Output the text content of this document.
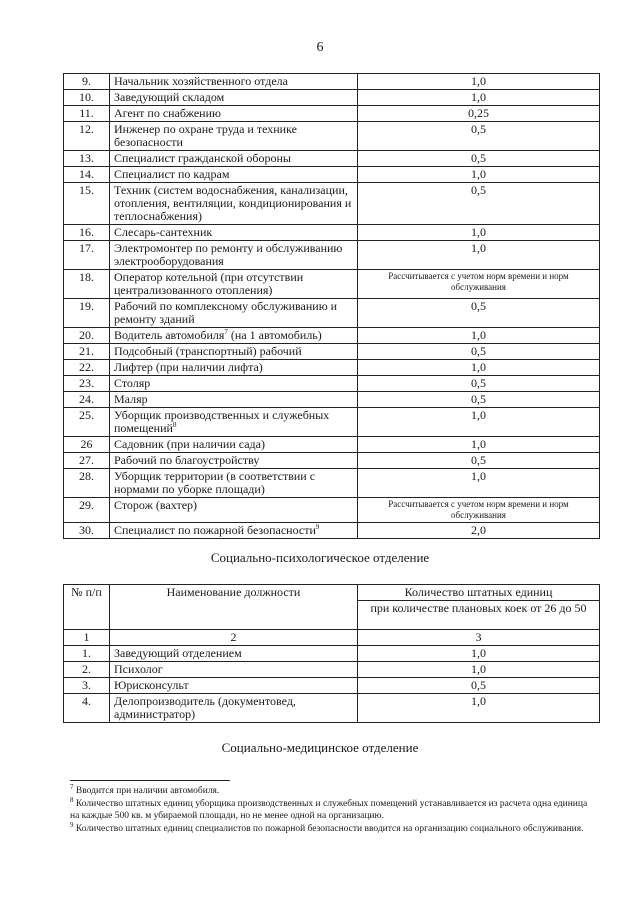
6
9.	Начальник хозяйственного отдела	1,0
10.	Заведующий складом	1,0
11.	Агент по снабжению	0,25
12.	Инженер по охране труда и технике безопасности	0,5
13.	Специалист гражданской обороны	0,5
14.	Специалист по кадрам	1,0
15.	Техник (систем водоснабжения, канализации, отопления, вентиляции, кондиционирования и теплоснабжения)	0,5
16.	Слесарь-сантехник	1,0
17.	Электромонтер по ремонту и обслуживанию электрооборудования	1,0
18.	Оператор котельной (при отсутствии централизованного отопления)	Рассчитывается с учетом норм времени и норм обслуживания
19.	Рабочий по комплексному обслуживанию и ремонту зданий	0,5
20.	Водитель автомобиля$^7$ (на 1 автомобиль)	1,0
21.	Подсобный (транспортный) рабочий	0,5
22.	Лифтер (при наличии лифта)	1,0
23.	Столяр	0,5
24.	Маляр	0,5
25.	Уборщик производственных и служебных помещений$^8$	1,0
26	Садовник (при наличии сада)	1,0
27.	Рабочий по благоустройству	0,5
28.	Уборщик территории (в соответствии с нормами по уборке площади)	1,0
29.	Сторож (вахтер)	Рассчитывается с учетом норм времени и норм обслуживания
30.	Специалист по пожарной безопасности$^9$	2,0
Социально-психологическое отделение
№ п/п	Наименование должности	Количество штатных единиц
		при количестве плановых коек от 26 до 50
1	2	3
1.	Заведующий отделением	1,0
2.	Психолог	1,0
3.	Юрисконсульт	0,5
4.	Делопроизводитель (документовед, администратор)	1,0
Социально-медицинское отделение

$^7$ Вводится при наличии автомобиля.

$^8$ Количество штатных единиц уборщика производственных и служебных помещений устанавливается из расчета одна единица на каждые 500 кв. м убираемой площади, но не менее одной на организацию.

$^9$ Количество штатных единиц специалистов по пожарной безопасности вводится на организацию социального обслуживания.
